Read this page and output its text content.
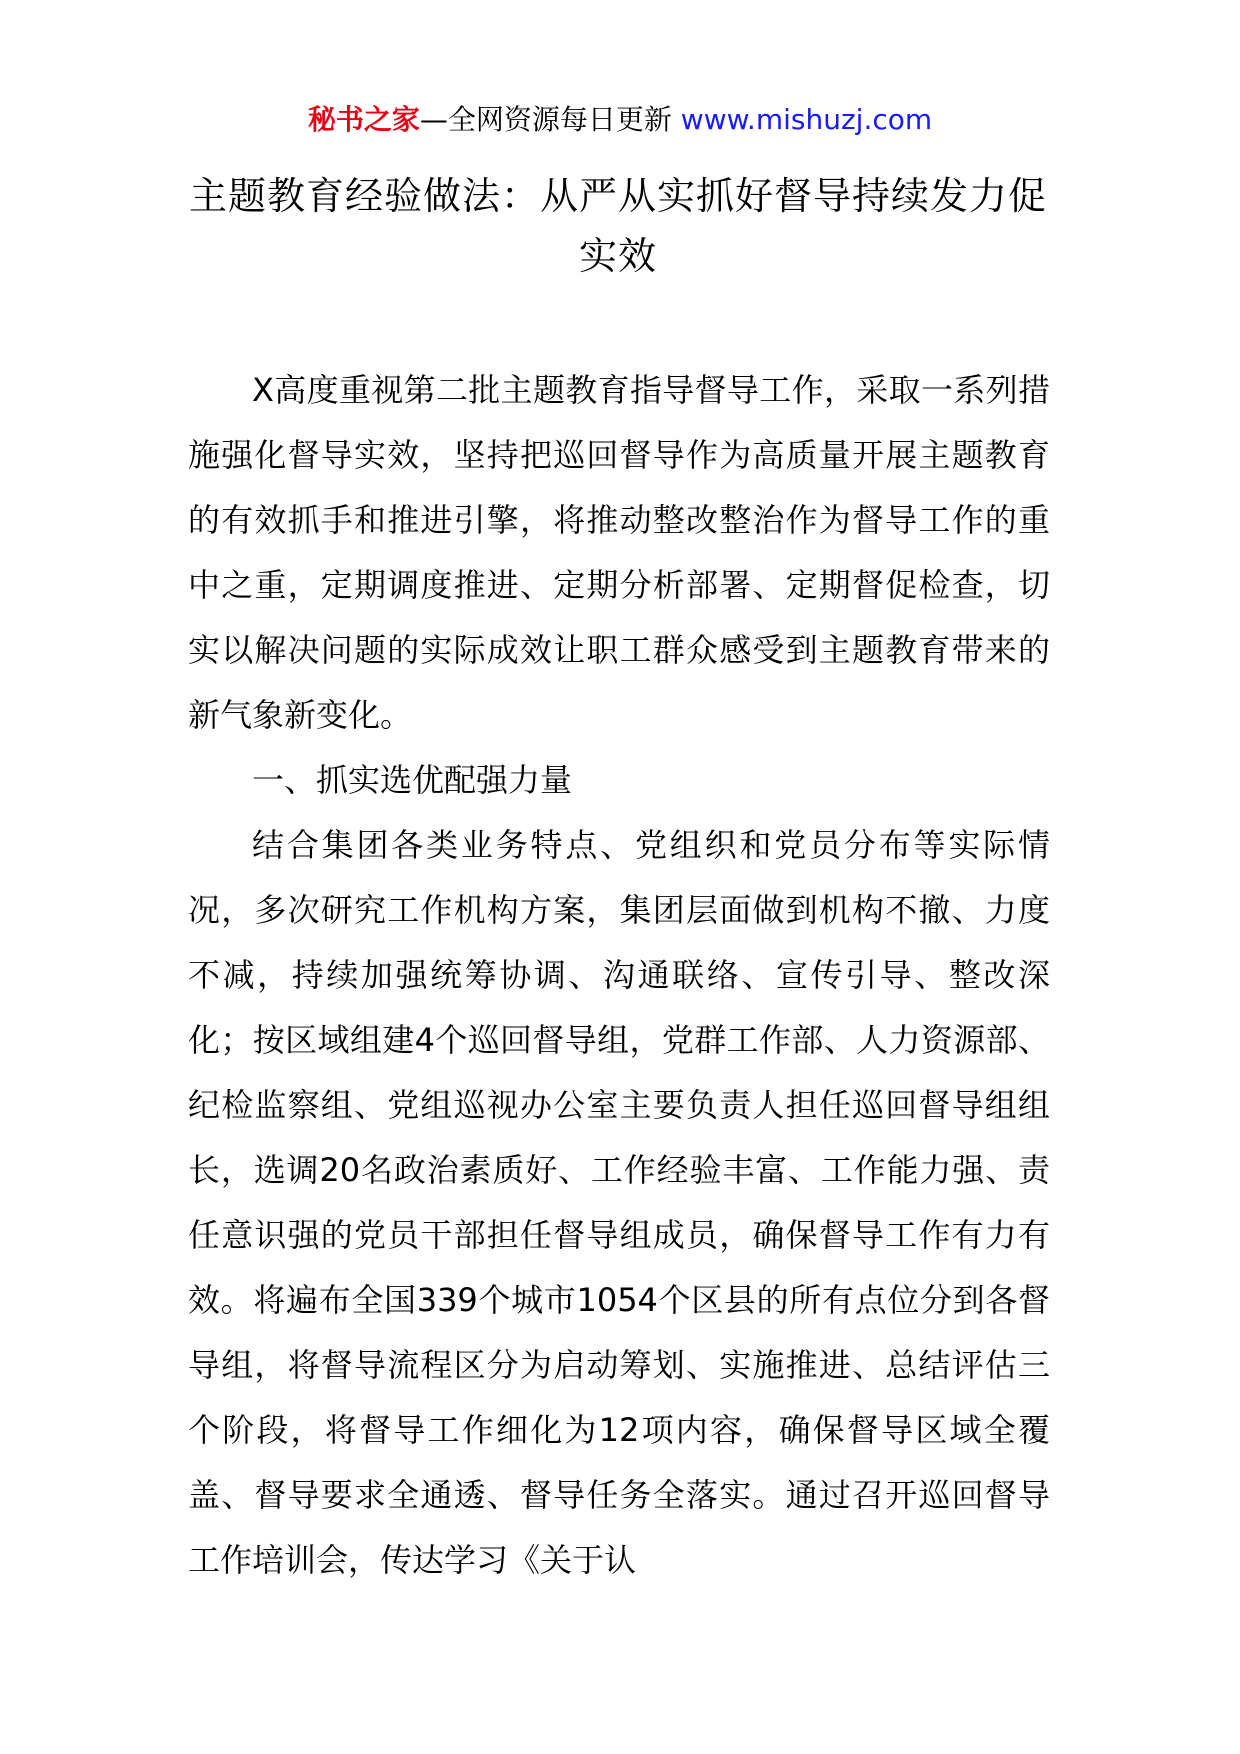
秘书之家—全网资源每日更新 www.mishuzj.com
主题教育经验做法：从严从实抓好督导持续发力促实效

X高度重视第二批主题教育指导督导工作，采取一系列措施强化督导实效，坚持把巡回督导作为高质量开展主题教育的有效抓手和推进引擎，将推动整改整治作为督导工作的重中之重，定期调度推进、定期分析部署、定期督促检查，切实以解决问题的实际成效让职工群众感受到主题教育带来的新气象新变化。

一、抓实选优配强力量

结合集团各类业务特点、党组织和党员分布等实际情况，多次研究工作机构方案，集团层面做到机构不撤、力度不减，持续加强统筹协调、沟通联络、宣传引导、整改深化；按区域组建4个巡回督导组，党群工作部、人力资源部、纪检监察组、党组巡视办公室主要负责人担任巡回督导组组长，选调20名政治素质好、工作经验丰富、工作能力强、责任意识强的党员干部担任督导组成员，确保督导工作有力有效。将遍布全国339个城市1054个区县的所有点位分到各督导组，将督导流程区分为启动筹划、实施推进、总结评估三个阶段，将督导工作细化为12项内容，确保督导区域全覆盖、督导要求全通透、督导任务全落实。通过召开巡回督导工作培训会，传达学习《关于认
